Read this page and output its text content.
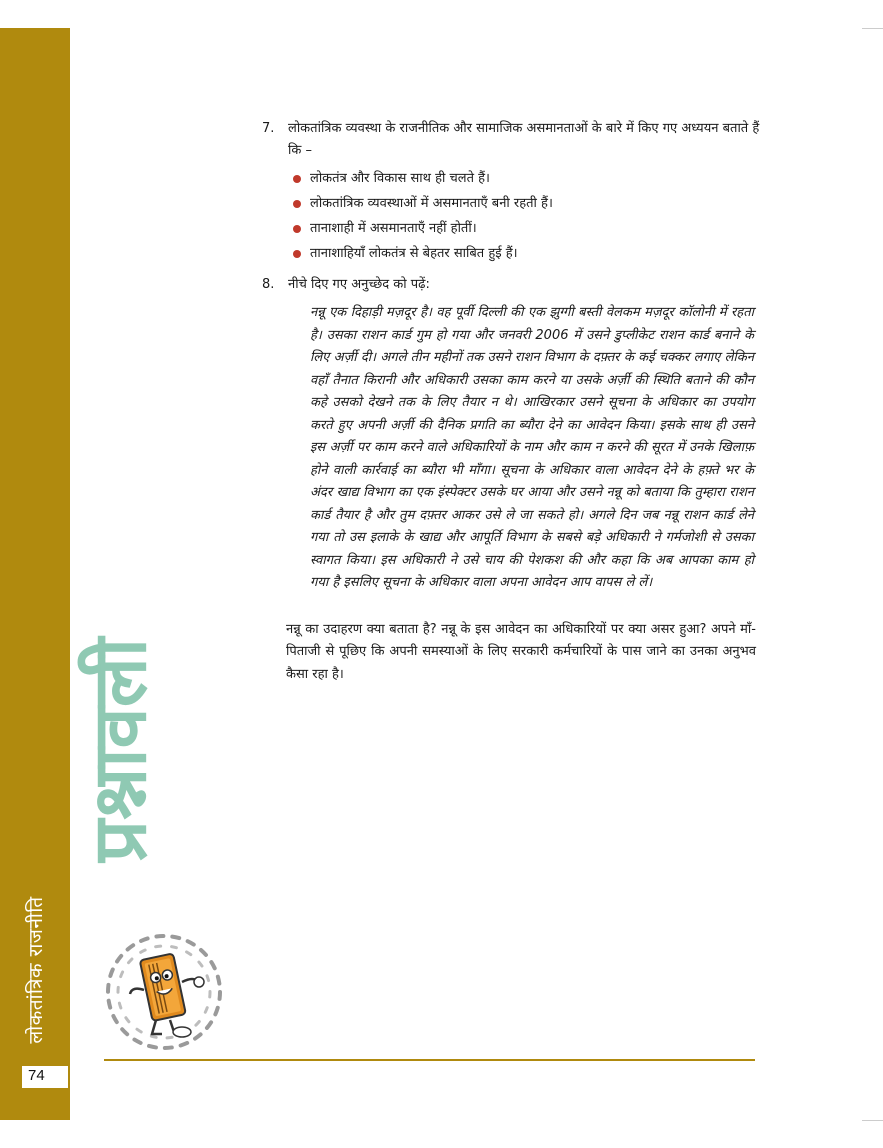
लोकतांत्रिक राजनीति
74
प्रश्नावली
7. लोकतांत्रिक व्यवस्था के राजनीतिक और सामाजिक असमानताओं के बारे में किए गए अध्ययन बताते हैं कि –
लोकतंत्र और विकास साथ ही चलते हैं।
लोकतांत्रिक व्यवस्थाओं में असमानताएँ बनी रहती हैं।
तानाशाही में असमानताएँ नहीं होतीं।
तानाशाहियाँ लोकतंत्र से बेहतर साबित हुई हैं।
8. नीचे दिए गए अनुच्छेद को पढ़ें:
नन्नू एक दिहाड़ी मज़दूर है। वह पूर्वी दिल्ली की एक झुग्गी बस्ती वेलकम मज़दूर कॉलोनी में रहता है। उसका राशन कार्ड गुम हो गया और जनवरी 2006 में उसने डुप्लीकेट राशन कार्ड बनाने के लिए अर्ज़ी दी। अगले तीन महीनों तक उसने राशन विभाग के दफ़्तर के कई चक्कर लगाए लेकिन वहाँ तैनात किरानी और अधिकारी उसका काम करने या उसके अर्ज़ी की स्थिति बताने की कौन कहे उसको देखने तक के लिए तैयार न थे। आखिरकार उसने सूचना के अधिकार का उपयोग करते हुए अपनी अर्ज़ी की दैनिक प्रगति का ब्यौरा देने का आवेदन किया। इसके साथ ही उसने इस अर्ज़ी पर काम करने वाले अधिकारियों के नाम और काम न करने की सूरत में उनके खिलाफ़ होने वाली कार्रवाई का ब्यौरा भी माँगा। सूचना के अधिकार वाला आवेदन देने के हफ़्ते भर के अंदर खाद्य विभाग का एक इंस्पेक्टर उसके घर आया और उसने नन्नू को बताया कि तुम्हारा राशन कार्ड तैयार है और तुम दफ़्तर आकर उसे ले जा सकते हो। अगले दिन जब नन्नू राशन कार्ड लेने गया तो उस इलाके के खाद्य और आपूर्ति विभाग के सबसे बड़े अधिकारी ने गर्मजोशी से उसका स्वागत किया। इस अधिकारी ने उसे चाय की पेशकश की और कहा कि अब आपका काम हो गया है इसलिए सूचना के अधिकार वाला अपना आवेदन आप वापस ले लें।
नन्नू का उदाहरण क्या बताता है? नन्नू के इस आवेदन का अधिकारियों पर क्या असर हुआ? अपने माँ-पिताजी से पूछिए कि अपनी समस्याओं के लिए सरकारी कर्मचारियों के पास जाने का उनका अनुभव कैसा रहा है।
